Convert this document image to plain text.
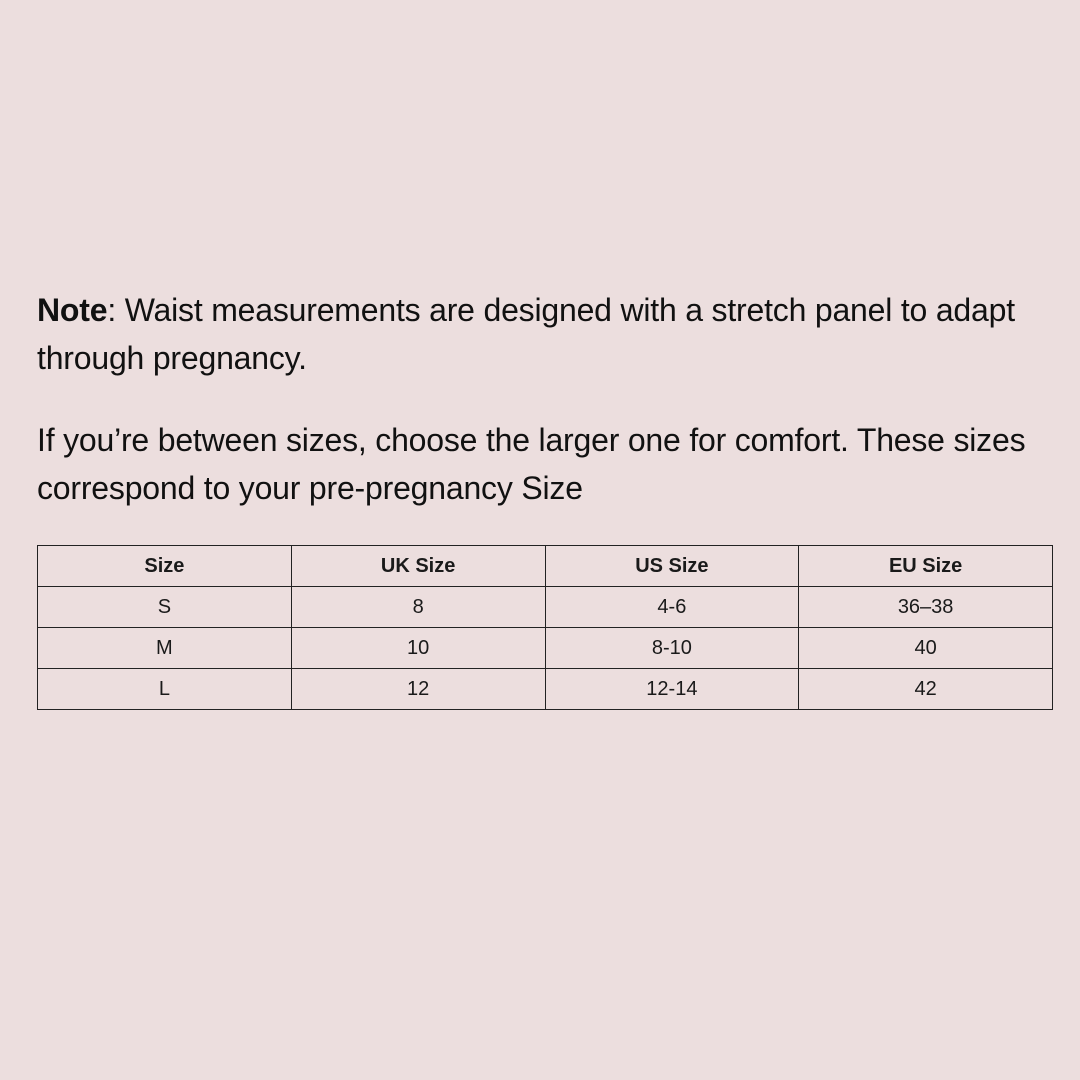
Note: Waist measurements are designed with a stretch panel to adapt through pregnancy.

If you’re between sizes, choose the larger one for comfort. These sizes correspond to your pre-pregnancy Size

Size	UK Size	US Size	EU Size
S	8	4-6	36–38
M	10	8-10	40
L	12	12-14	42
